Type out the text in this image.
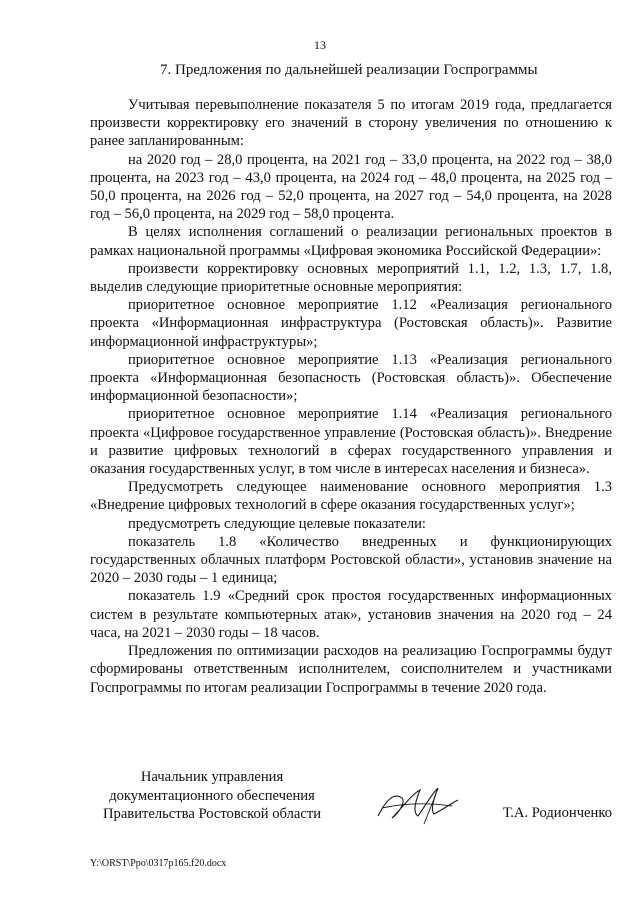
13
7. Предложения по дальнейшей реализации Госпрограммы

Учитывая перевыполнение показателя 5 по итогам 2019 года, предлагается произвести корректировку его значений в сторону увеличения по отношению к ранее запланированным:

на 2020 год – 28,0 процента, на 2021 год – 33,0 процента, на 2022 год – 38,0 процента, на 2023 год – 43,0 процента, на 2024 год – 48,0 процента, на 2025 год – 50,0 процента, на 2026 год – 52,0 процента, на 2027 год – 54,0 процента, на 2028 год – 56,0 процента, на 2029 год – 58,0 процента.

В целях исполнения соглашений о реализации региональных проектов в рамках национальной программы «Цифровая экономика Российской Федерации»:

произвести корректировку основных мероприятий 1.1, 1.2, 1.3, 1.7, 1.8, выделив следующие приоритетные основные мероприятия:

приоритетное основное мероприятие 1.12 «Реализация регионального проекта «Информационная инфраструктура (Ростовская область)». Развитие информационной инфраструктуры»;

приоритетное основное мероприятие 1.13 «Реализация регионального проекта «Информационная безопасность (Ростовская область)». Обеспечение информационной безопасности»;

приоритетное основное мероприятие 1.14 «Реализация регионального проекта «Цифровое государственное управление (Ростовская область)». Внедрение и развитие цифровых технологий в сферах государственного управления и оказания государственных услуг, в том числе в интересах населения и бизнеса».

Предусмотреть следующее наименование основного мероприятия 1.3 «Внедрение цифровых технологий в сфере оказания государственных услуг»;

предусмотреть следующие целевые показатели:

показатель 1.8 «Количество внедренных и функционирующих государственных облачных платформ Ростовской области», установив значение на 2020 – 2030 годы – 1 единица;

показатель 1.9 «Средний срок простоя государственных информационных систем в результате компьютерных атак», установив значения на 2020 год – 24 часа, на 2021 – 2030 годы – 18 часов.

Предложения по оптимизации расходов на реализацию Госпрограммы будут сформированы ответственным исполнителем, соисполнителем и участниками Госпрограммы по итогам реализации Госпрограммы в течение 2020 года.

Начальник управления
документационного обеспечения
Правительства Ростовской области	Т.А. Родионченко
Y:\ORST\Ppo\0317p165.f20.docx
